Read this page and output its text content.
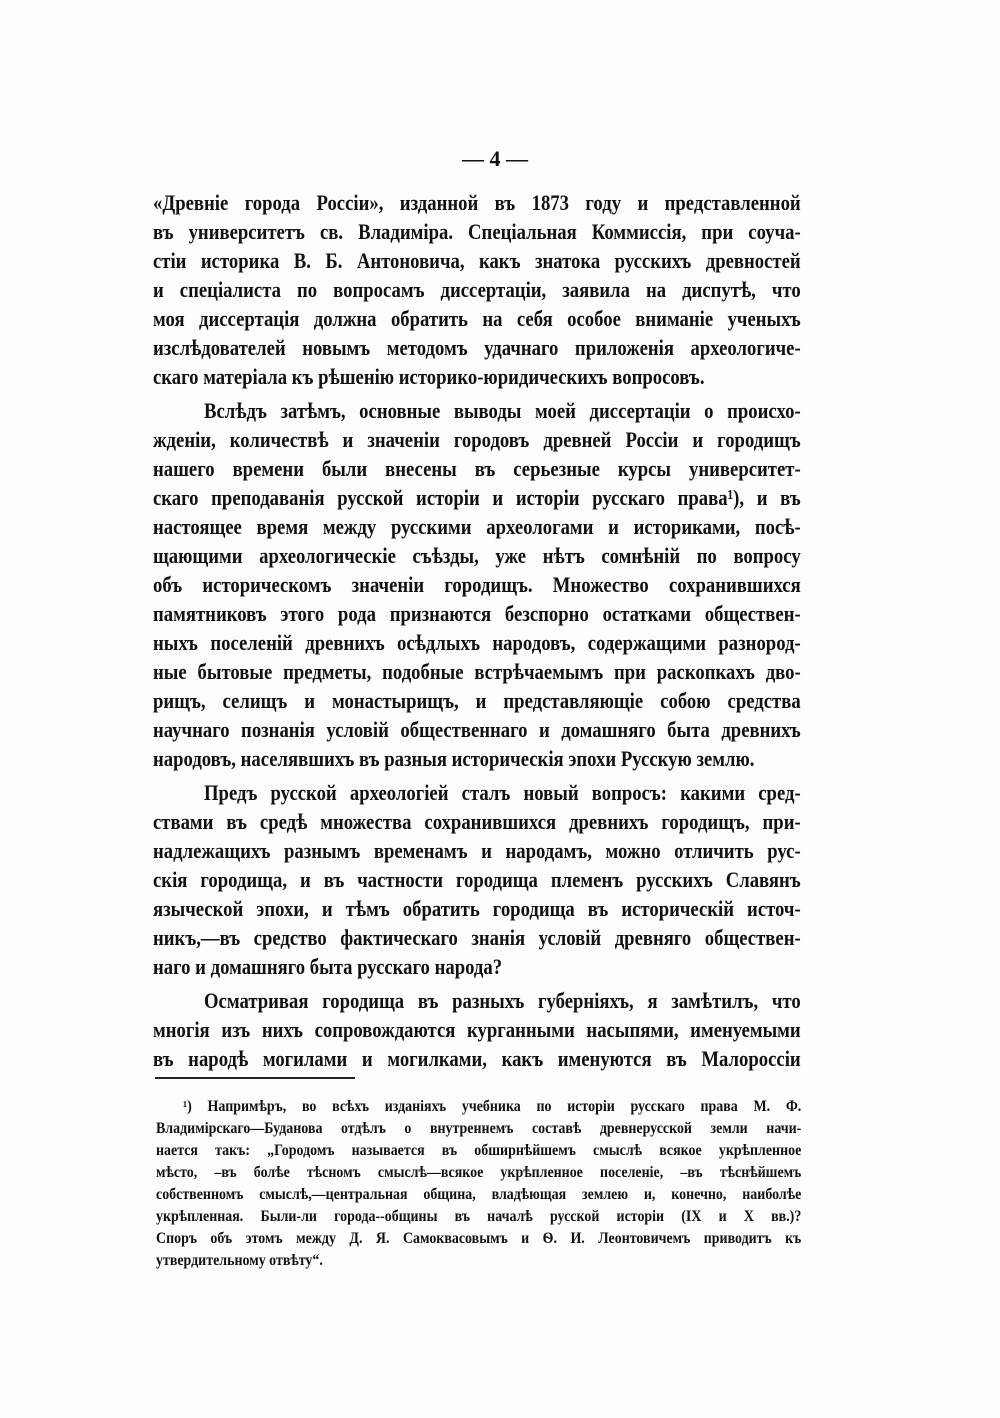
— 4 —
«Древніе города Россіи», изданной въ 1873 году и представленной
въ университетъ св. Владиміра. Спеціальная Коммиссія, при соуча-
стіи историка В. Б. Антоновича, какъ знатока русскихъ древностей
и спеціалиста по вопросамъ диссертаціи, заявила на диспутѣ, что
моя диссертація должна обратить на себя особое вниманіе ученыхъ
изслѣдователей новымъ методомъ удачнаго приложенія археологиче-
скаго матеріала къ рѣшенію историко-юридическихъ вопросовъ.
Вслѣдъ затѣмъ, основные выводы моей диссертаціи о происхо-
жденіи, количествѣ и значеніи городовъ древней Россіи и городищъ
нашего времени были внесены въ серьезные курсы университет-
скаго преподаванія русской исторіи и исторіи русскаго права¹), и въ
настоящее время между русскими археологами и историками, посѣ-
щающими археологическіе съѣзды, уже нѣтъ сомнѣній по вопросу
объ историческомъ значеніи городищъ. Множество сохранившихся
памятниковъ этого рода признаются безспорно остатками обществен-
ныхъ поселеній древнихъ осѣдлыхъ народовъ, содержащими разнород-
ные бытовые предметы, подобные встрѣчаемымъ при раскопкахъ дво-
рищъ, селищъ и монастырищъ, и представляющіе собою средства
научнаго познанія условій общественнаго и домашняго быта древнихъ
народовъ, населявшихъ въ разныя историческія эпохи Русскую землю.
Предъ русской археологіей сталъ новый вопросъ: какими сред-
ствами въ средѣ множества сохранившихся древнихъ городищъ, при-
надлежащихъ разнымъ временамъ и народамъ, можно отличить рус-
скія городища, и въ частности городища племенъ русскихъ Славянъ
языческой эпохи, и тѣмъ обратить городища въ историческій источ-
никъ,—въ средство фактическаго знанія условій древняго обществен-
наго и домашняго быта русскаго народа?
Осматривая городища въ разныхъ губерніяхъ, я замѣтилъ, что
многія изъ нихъ сопровождаются курганными насыпями, именуемыми
въ народѣ могилами и могилками, какъ именуются въ Малороссіи
¹) Напримѣръ, во всѣхъ изданіяхъ учебника по исторіи русскаго права М. Ф.
Владимірскаго—Буданова отдѣлъ о внутреннемъ составѣ древнерусской земли начи-
нается такъ: „Городомъ называется въ обширнѣйшемъ смыслѣ всякое укрѣпленное
мѣсто, –въ болѣе тѣсномъ смыслѣ—всякое укрѣпленное поселеніе, –въ тѣснѣйшемъ
собственномъ смыслѣ,—центральная община, владѣющая землею и, конечно, наиболѣе
укрѣпленная. Были-ли города--общины въ началѣ русской исторіи (IX и X вв.)?
Споръ объ этомъ между Д. Я. Самоквасовымъ и Ѳ. И. Леонтовичемъ приводитъ къ
утвердительному отвѣту“.
